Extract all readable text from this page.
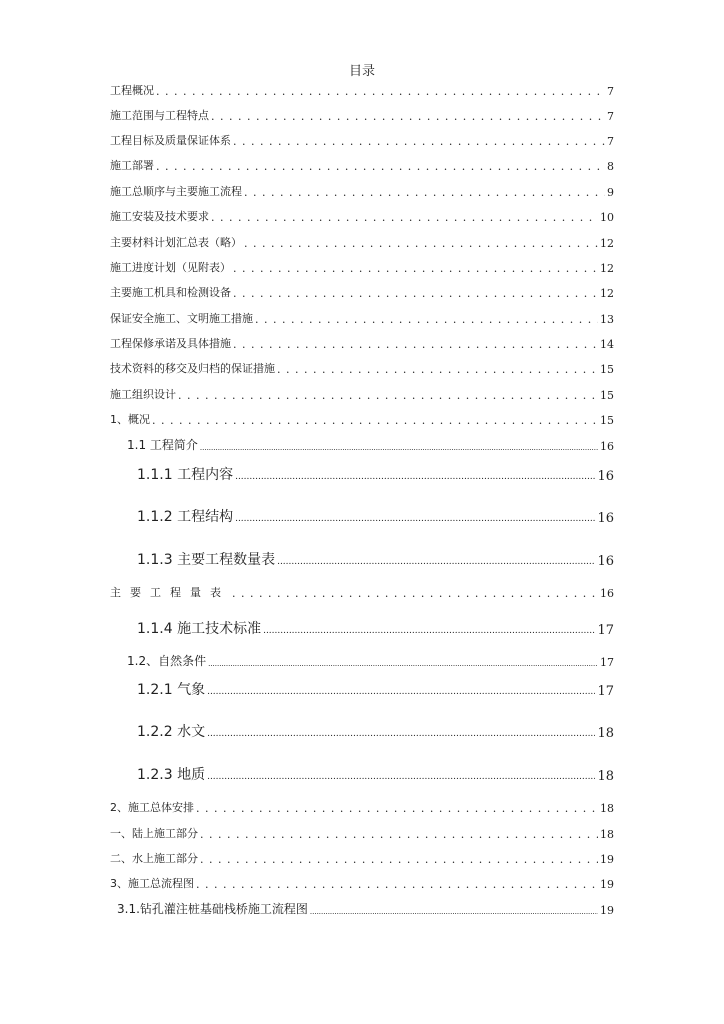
目录
工程概况 . . .	7
施工范围与工程特点 . . .	7
工程目标及质量保证体系 . . .	7
施工部署 . . .	8
施工总顺序与主要施工流程 . . .	9
施工安装及技术要求 . . .	10
主要材料计划汇总表（略） . . .	12
施工进度计划（见附表） . . .	12
主要施工机具和检测设备 . . .	12
保证安全施工、文明施工措施 . . .	13
工程保修承诺及具体措施 . . .	14
技术资料的移交及归档的保证措施 . . .	15
施工组织设计 . . .	15
1、概况 . . .	15
1.1 工程简介 .....	16
1.1.1 工程内容 .....	16
1.1.2 工程结构 .....	16
1.1.3 主要工程数量表 .....	16
主要工程量表 . . .	16
1.1.4 施工技术标准 .....	17
1.2、自然条件 .....	17
1.2.1 气象 .....	17
1.2.2 水文 .....	18
1.2.3 地质 .....	18
2、施工总体安排 . . .	18
一、陆上施工部分 . . .	18
二、水上施工部分 . . .	19
3、施工总流程图 . . .	19
3.1.钻孔灌注桩基础栈桥施工流程图 .....	19
